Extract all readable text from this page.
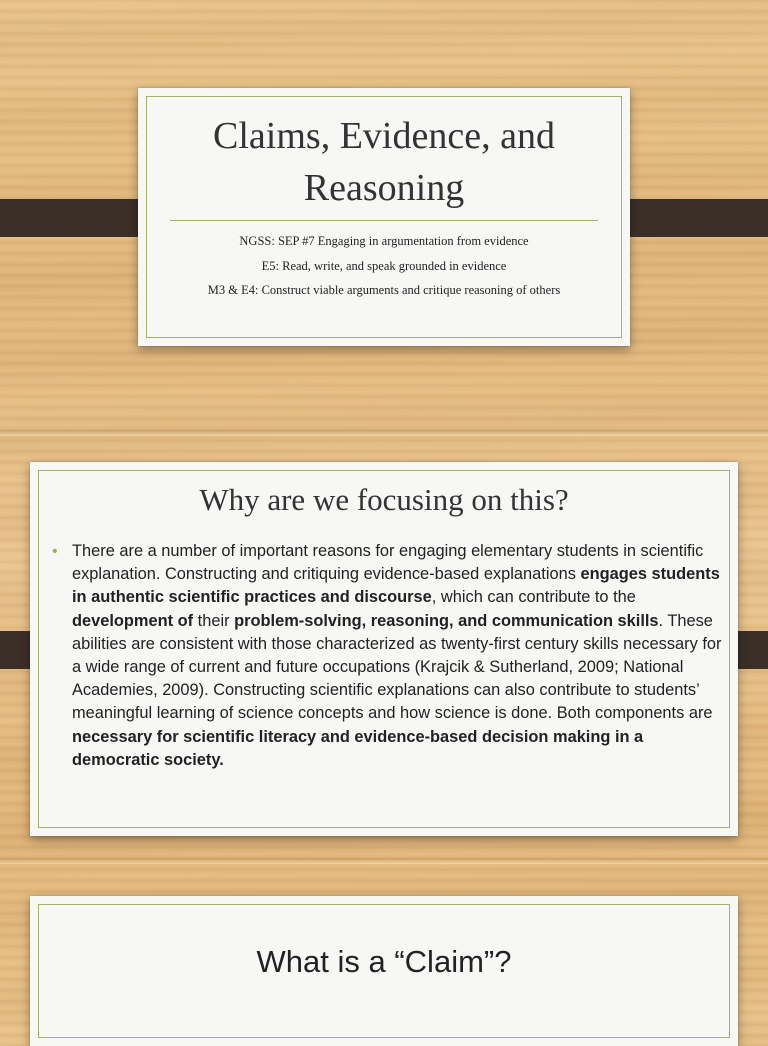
Claims, Evidence, and Reasoning
NGSS: SEP #7 Engaging in argumentation from evidence
E5: Read, write, and speak grounded in evidence
M3 & E4: Construct viable arguments and critique reasoning of others
Why are we focusing on this?
• There are a number of important reasons for engaging elementary students in scientific explanation. Constructing and critiquing evidence-based explanations engages students in authentic scientific practices and discourse, which can contribute to the development of their problem-solving, reasoning, and communication skills. These abilities are consistent with those characterized as twenty-first century skills necessary for a wide range of current and future occupations (Krajcik & Sutherland, 2009; National Academies, 2009). Constructing scientific explanations can also contribute to students’ meaningful learning of science concepts and how science is done. Both components are necessary for scientific literacy and evidence-based decision making in a democratic society.
What is a “Claim”?
